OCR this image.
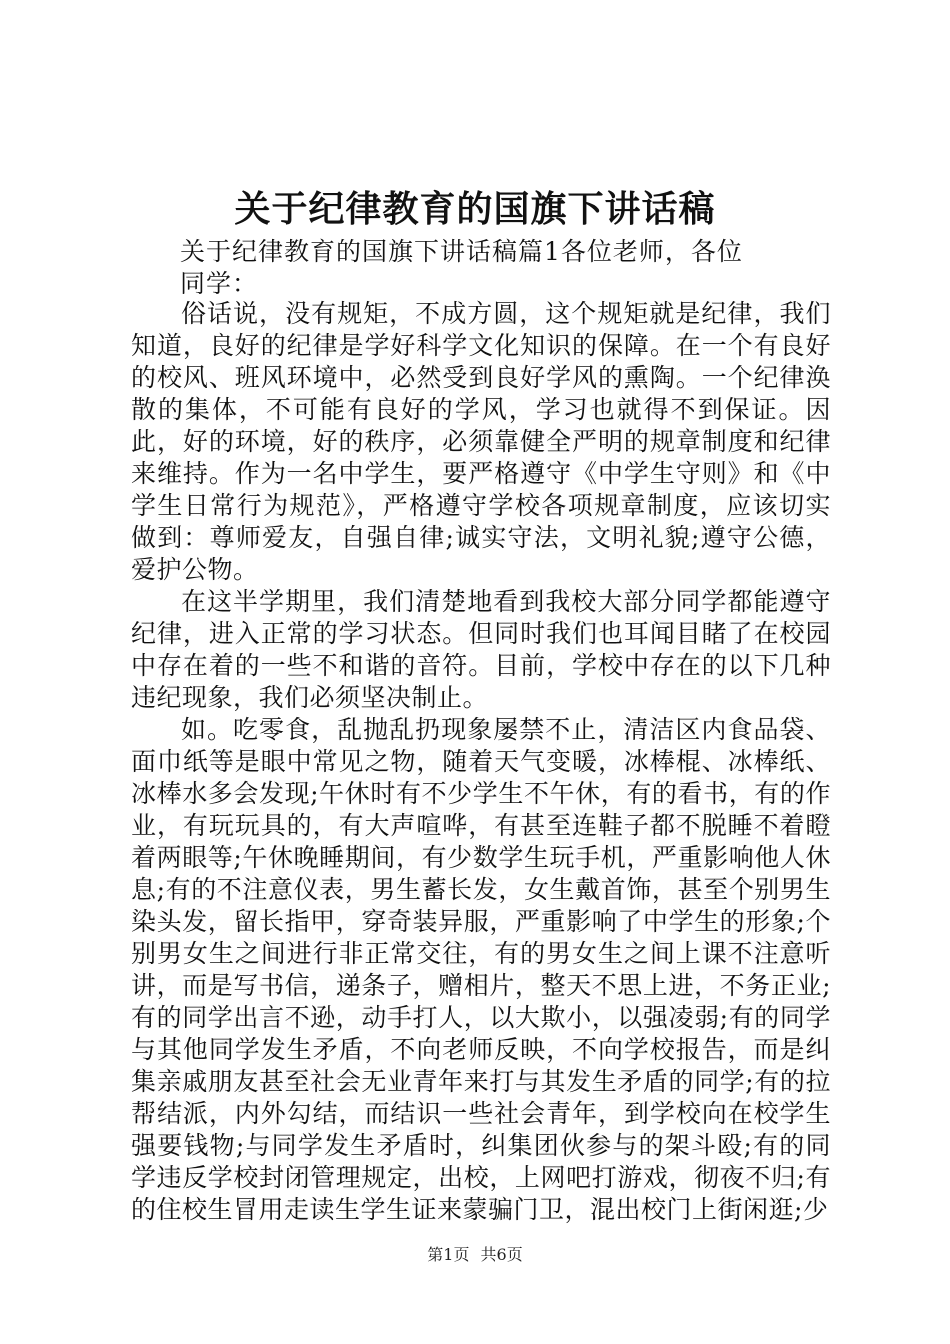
关于纪律教育的国旗下讲话稿

关于纪律教育的国旗下讲话稿篇1各位老师，各位同学：

俗话说，没有规矩，不成方圆，这个规矩就是纪律，我们知道，良好的纪律是学好科学文化知识的保障。在一个有良好的校风、班风环境中，必然受到良好学风的熏陶。一个纪律涣散的集体，不可能有良好的学风，学习也就得不到保证。因此，好的环境，好的秩序，必须靠健全严明的规章制度和纪律来维持。作为一名中学生，要严格遵守《中学生守则》和《中学生日常行为规范》，严格遵守学校各项规章制度，应该切实做到：尊师爱友，自强自律;诚实守法，文明礼貌;遵守公德，爱护公物。

在这半学期里，我们清楚地看到我校大部分同学都能遵守纪律，进入正常的学习状态。但同时我们也耳闻目睹了在校园中存在着的一些不和谐的音符。目前，学校中存在的以下几种违纪现象，我们必须坚决制止。

如。吃零食，乱抛乱扔现象屡禁不止，清洁区内食品袋、面巾纸等是眼中常见之物，随着天气变暖，冰棒棍、冰棒纸、冰棒水多会发现;午休时有不少学生不午休，有的看书，有的作业，有玩玩具的，有大声喧哗，有甚至连鞋子都不脱睡不着瞪着两眼等;午休晚睡期间，有少数学生玩手机，严重影响他人休息;有的不注意仪表，男生蓄长发，女生戴首饰，甚至个别男生染头发，留长指甲，穿奇装异服，严重影响了中学生的形象;个别男女生之间进行非正常交往，有的男女生之间上课不注意听讲，而是写书信，递条子，赠相片，整天不思上进，不务正业;有的同学出言不逊，动手打人，以大欺小，以强凌弱;有的同学与其他同学发生矛盾，不向老师反映，不向学校报告，而是纠集亲戚朋友甚至社会无业青年来打与其发生矛盾的同学;有的拉帮结派，内外勾结，而结识一些社会青年，到学校向在校学生强要钱物;与同学发生矛盾时，纠集团伙参与的架斗殴;有的同学违反学校封闭管理规定，出校，上网吧打游戏，彻夜不归;有的住校生冒用走读生学生证来蒙骗门卫，混出校门上街闲逛;少

第1页 共6页
